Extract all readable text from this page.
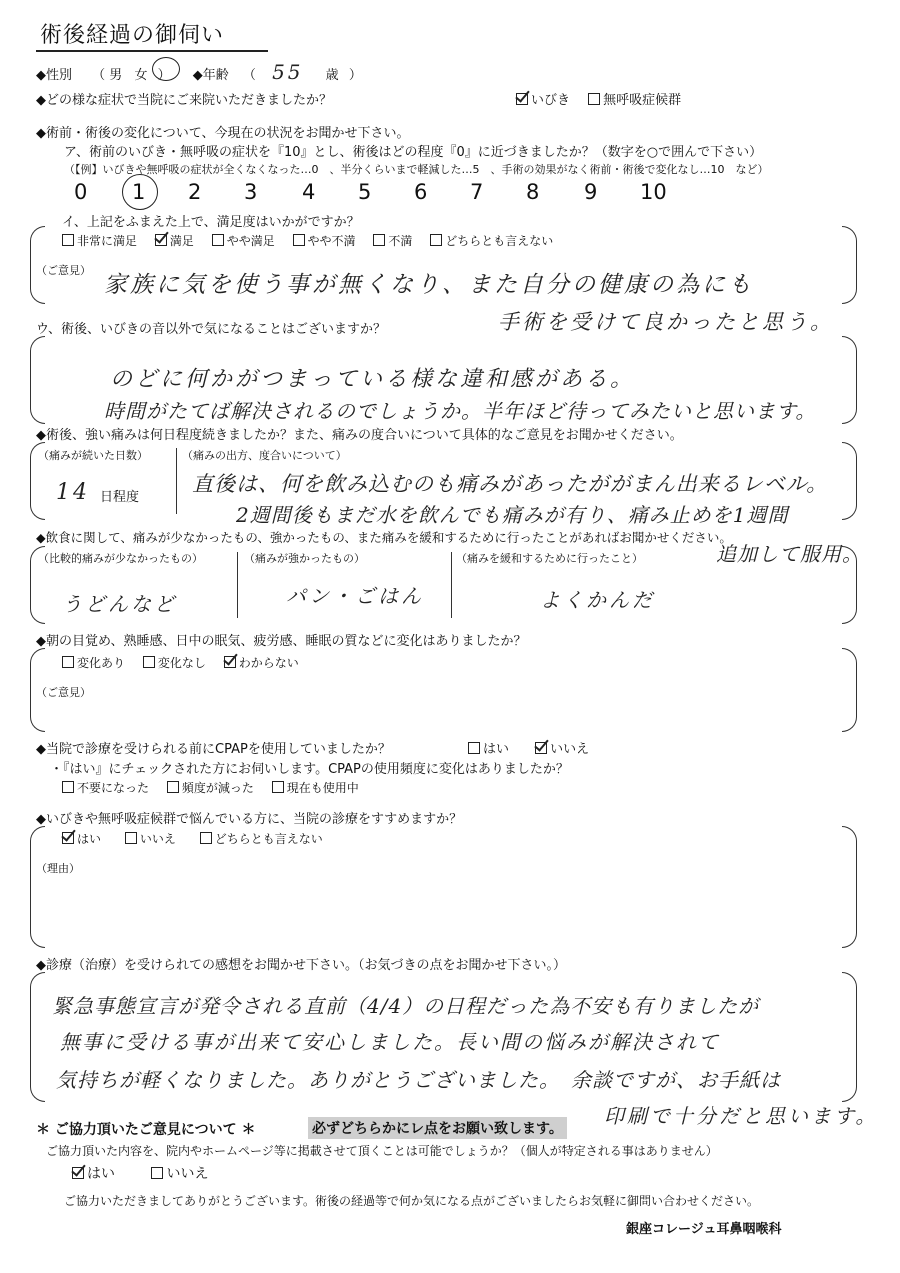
術後経過の御伺い
◆性別 （ 男 女 ） ◆年齢 （ 55 歳 ）
◆どの様な症状で当院にご来院いただきましたか？	いびき	無呼吸症候群
◆術前・術後の変化について、今現在の状況をお聞かせ下さい。
ア、術前のいびき・無呼吸の症状を『10』とし、術後はどの程度『0』に近づきましたか？（数字を○で囲んで下さい）
（【例】いびきや無呼吸の症状が全くなくなった…0　、半分くらいまで軽減した…5　、手術の効果がなく術前・術後で変化なし…10　など）
0 1 2 3 4 5 6 7 8 9 10
イ、上記をふまえた上で、満足度はいかがですか？
非常に満足	満足	やや満足	やや不満	不満	どちらとも言えない
（ご意見）
家族に気を使う事が無くなり、また自分の健康の為にも
手術を受けて良かったと思う。
ウ、術後、いびきの音以外で気になることはございますか？
のどに何かがつまっている様な違和感がある。
時間がたてば解決されるのでしょうか。半年ほど待ってみたいと思います。
◆術後、強い痛みは何日程度続きましたか？また、痛みの度合いについて具体的なご意見をお聞かせください。
（痛みが続いた日数）
14 日程度
（痛みの出方、度合いについて）
直後は、何を飲み込むのも痛みがあったががまん出来るレベル。
2週間後もまだ水を飲んでも痛みが有り、痛み止めを1週間
追加して服用。
◆飲食に関して、痛みが少なかったもの、強かったもの、また痛みを緩和するために行ったことがあればお聞かせください。
（比較的痛みが少なかったもの）
うどんなど
（痛みが強かったもの）
パン・ごはん
（痛みを緩和するために行ったこと）
よくかんだ
◆朝の目覚め、熟睡感、日中の眠気、疲労感、睡眠の質などに変化はありましたか？
変化あり	変化なし	わからない
（ご意見）
◆当院で診療を受けられる前にCPAPを使用していましたか？	はい	いいえ
・『はい』にチェックされた方にお伺いします。CPAPの使用頻度に変化はありましたか？
不要になった	頻度が減った	現在も使用中
◆いびきや無呼吸症候群で悩んでいる方に、当院の診療をすすめますか？
はい	いいえ	どちらとも言えない
（理由）
◆診療（治療）を受けられての感想をお聞かせ下さい。（お気づきの点をお聞かせ下さい。）
緊急事態宣言が発令される直前（4/4）の日程だった為不安も有りましたが
無事に受ける事が出来て安心しました。長い間の悩みが解決されて
気持ちが軽くなりました。ありがとうございました。　余談ですが、お手紙は
印刷で十分だと思います。
＊ ご協力頂いたご意見について ＊	必ずどちらかにレ点をお願い致します。
ご協力頂いた内容を、院内やホームページ等に掲載させて頂くことは可能でしょうか？（個人が特定される事はありません）
はい	いいえ
ご協力いただきましてありがとうございます。術後の経過等で何か気になる点がございましたらお気軽に御問い合わせください。
銀座コレージュ耳鼻咽喉科
